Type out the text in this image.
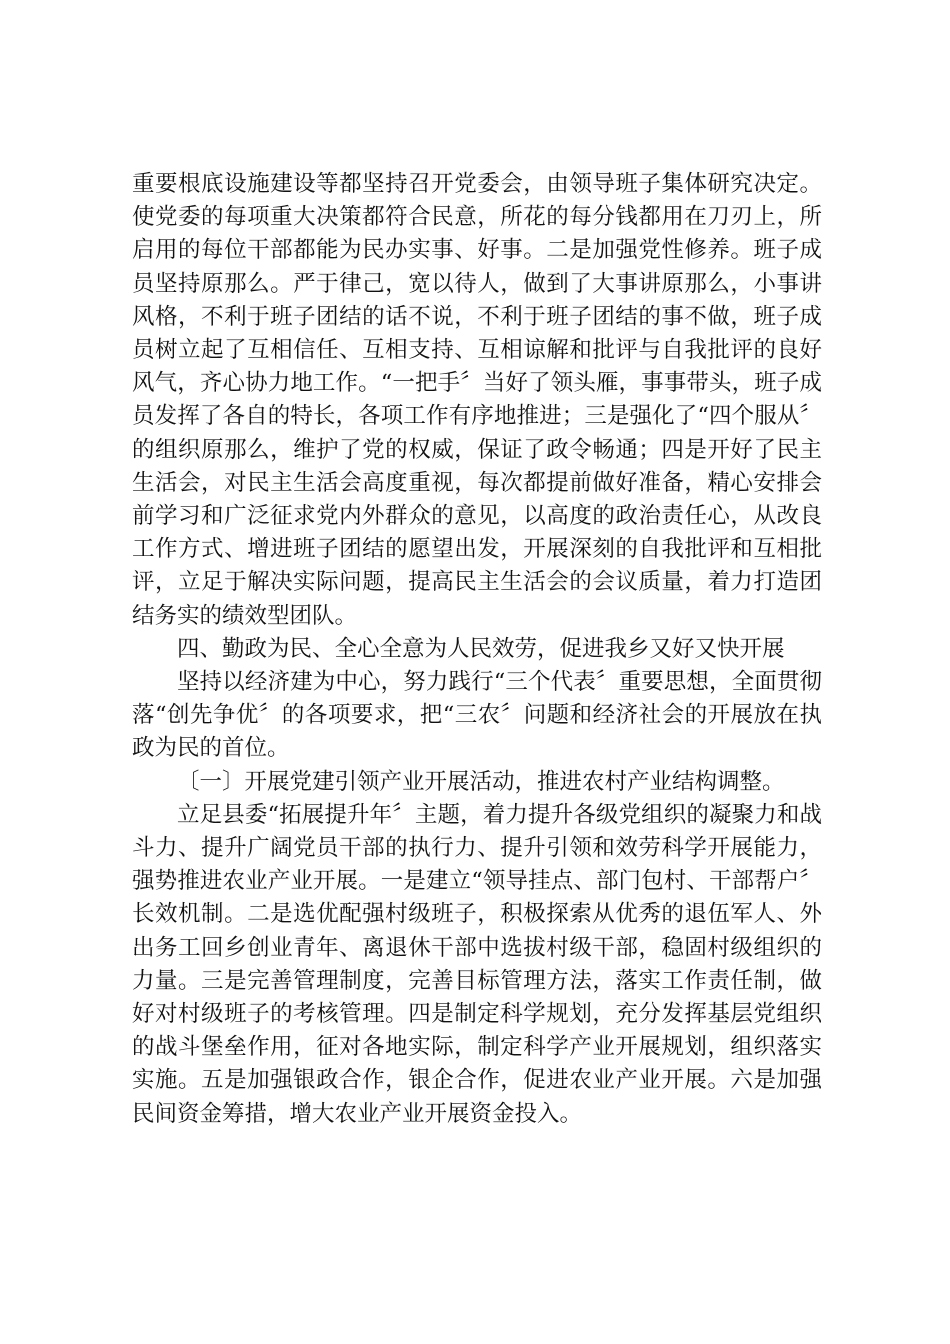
重要根底设施建设等都坚持召开党委会，由领导班子集体研究决定。使党委的每项重大决策都符合民意，所花的每分钱都用在刀刃上，所启用的每位干部都能为民办实事、好事。二是加强党性修养。班子成员坚持原那么。严于律己，宽以待人，做到了大事讲原那么，小事讲风格，不利于班子团结的话不说，不利于班子团结的事不做，班子成员树立起了互相信任、互相支持、互相谅解和批评与自我批评的良好风气，齐心协力地工作。“一把手〞当好了领头雁，事事带头，班子成员发挥了各自的特长，各项工作有序地推进；三是强化了“四个服从〞的组织原那么，维护了党的权威，保证了政令畅通；四是开好了民主生活会，对民主生活会高度重视，每次都提前做好准备，精心安排会前学习和广泛征求党内外群众的意见，以高度的政治责任心，从改良工作方式、增进班子团结的愿望出发，开展深刻的自我批评和互相批评，立足于解决实际问题，提高民主生活会的会议质量，着力打造团结务实的绩效型团队。

四、勤政为民、全心全意为人民效劳，促进我乡又好又快开展

坚持以经济建为中心，努力践行“三个代表〞重要思想，全面贯彻落“创先争优〞的各项要求，把“三农〞问题和经济社会的开展放在执政为民的首位。

〔一〕开展党建引领产业开展活动，推进农村产业结构调整。

立足县委“拓展提升年〞主题，着力提升各级党组织的凝聚力和战斗力、提升广阔党员干部的执行力、提升引领和效劳科学开展能力，强势推进农业产业开展。一是建立“领导挂点、部门包村、干部帮户〞长效机制。二是选优配强村级班子，积极探索从优秀的退伍军人、外出务工回乡创业青年、离退休干部中选拔村级干部，稳固村级组织的力量。三是完善管理制度，完善目标管理方法，落实工作责任制，做好对村级班子的考核管理。四是制定科学规划，充分发挥基层党组织的战斗堡垒作用，征对各地实际，制定科学产业开展规划，组织落实实施。五是加强银政合作，银企合作，促进农业产业开展。六是加强民间资金筹措，增大农业产业开展资金投入。
